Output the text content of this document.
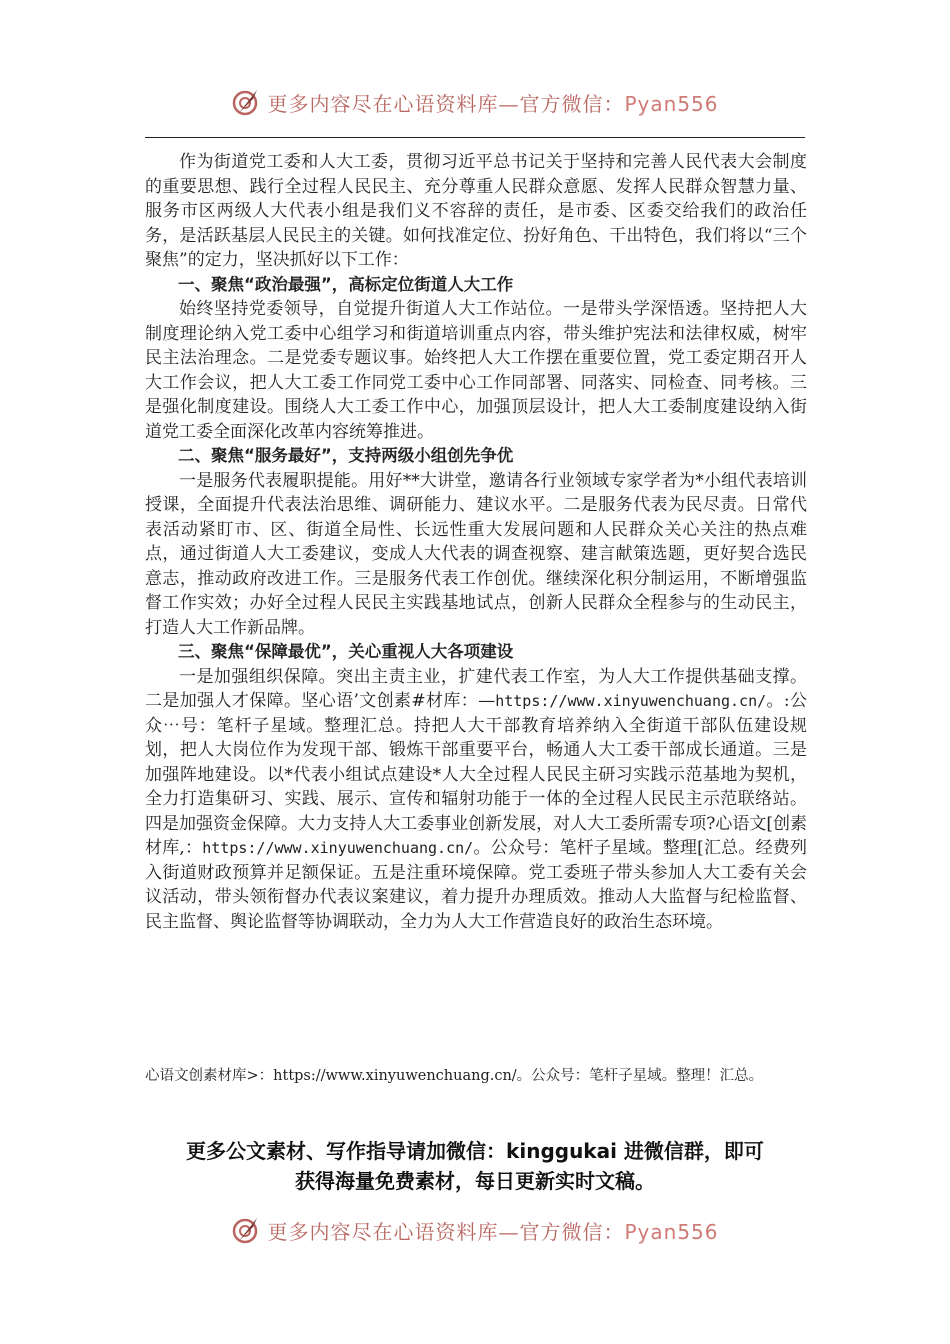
更多内容尽在心语资料库—官方微信：Pyan556

作为街道党工委和人大工委，贯彻习近平总书记关于坚持和完善人民代表大会制度的重要思想、践行全过程人民民主、充分尊重人民群众意愿、发挥人民群众智慧力量、服务市区两级人大代表小组是我们义不容辞的责任，是市委、区委交给我们的政治任务，是活跃基层人民民主的关键。如何找准定位、扮好角色、干出特色，我们将以“三个聚焦”的定力，坚决抓好以下工作：

一、聚焦“政治最强”，高标定位街道人大工作

始终坚持党委领导，自觉提升街道人大工作站位。一是带头学深悟透。坚持把人大制度理论纳入党工委中心组学习和街道培训重点内容，带头维护宪法和法律权威，树牢民主法治理念。二是党委专题议事。始终把人大工作摆在重要位置，党工委定期召开人大工作会议，把人大工委工作同党工委中心工作同部署、同落实、同检查、同考核。三是强化制度建设。围绕人大工委工作中心，加强顶层设计，把人大工委制度建设纳入街道党工委全面深化改革内容统筹推进。

二、聚焦“服务最好”，支持两级小组创先争优

一是服务代表履职提能。用好**大讲堂，邀请各行业领域专家学者为*小组代表培训授课，全面提升代表法治思维、调研能力、建议水平。二是服务代表为民尽责。日常代表活动紧盯市、区、街道全局性、长远性重大发展问题和人民群众关心关注的热点难点，通过街道人大工委建议，变成人大代表的调查视察、建言献策选题，更好契合选民意志，推动政府改进工作。三是服务代表工作创优。继续深化积分制运用，不断增强监督工作实效；办好全过程人民民主实践基地试点，创新人民群众全程参与的生动民主，打造人大工作新品牌。

三、聚焦“保障最优”，关心重视人大各项建设

一是加强组织保障。突出主责主业，扩建代表工作室，为人大工作提供基础支撑。二是加强人才保障。坚心语’文创素#材库：—https://www.xinyuwenchuang.cn/。:公众⋯号：笔杆子星域。整理汇总。持把人大干部教育培养纳入全街道干部队伍建设规划，把人大岗位作为发现干部、锻炼干部重要平台，畅通人大工委干部成长通道。三是加强阵地建设。以*代表小组试点建设*人大全过程人民民主研习实践示范基地为契机，全力打造集研习、实践、展示、宣传和辐射功能于一体的全过程人民民主示范联络站。四是加强资金保障。大力支持人大工委事业创新发展，对人大工委所需专项?心语文[创素材库,：https://www.xinyuwenchuang.cn/。公众号：笔杆子星域。整理[汇总。经费列入街道财政预算并足额保证。五是注重环境保障。党工委班子带头参加人大工委有关会议活动，带头领衔督办代表议案建议，着力提升办理质效。推动人大监督与纪检监督、民主监督、舆论监督等协调联动，全力为人大工作营造良好的政治生态环境。

心语文创素材库>：https://www.xinyuwenchuang.cn/。公众号：笔杆子星域。整理！汇总。
更多公文素材、写作指导请加微信：kinggukai 进微信群，即可
获得海量免费素材，每日更新实时文稿。
更多内容尽在心语资料库—官方微信：Pyan556
